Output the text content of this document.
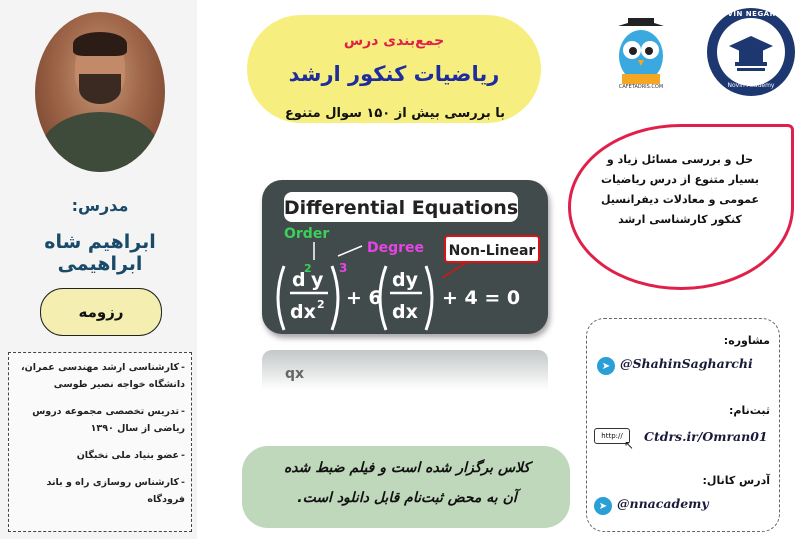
مدرس:
ابراهیم شاه ابراهیمی
رزومه
-کارشناسی ارشد مهندسی عمران، دانشگاه خواجه نصیر طوسی
-تدریس تخصصی مجموعه دروس ریاضی از سال ۱۳۹۰
-عضو بنیاد ملی نخبگان
-کارشناس روسازی راه و باند فرودگاه
جمع‌بندی درس
ریاضیات کنکور ارشد
با بررسی بیش از ۱۵۰ سوال متنوع
CAFETADRIS.COM
NOVIN NEGAREH
Novin Academy
حل و بررسی مسائل زیاد و بسیار متنوع از درس ریاضیات عمومی و معادلات دیفرانسیل کنکور کارشناسی ارشد
qx
Differential Equations
Order
Degree Non-Linear
d
2
y
dx 2
3
+ 6
dy
dx
+ 4 = 0
مشاوره:
➤ @ShahinSagharchi
ثبت‌نام:
http://
↖
Ctdrs.ir/Omran01
آدرس کانال:
➤ @nnacademy
کلاس برگزار شده است و فیلم ضبط شده
آن به محض ثبت‌نام قابل دانلود است.
